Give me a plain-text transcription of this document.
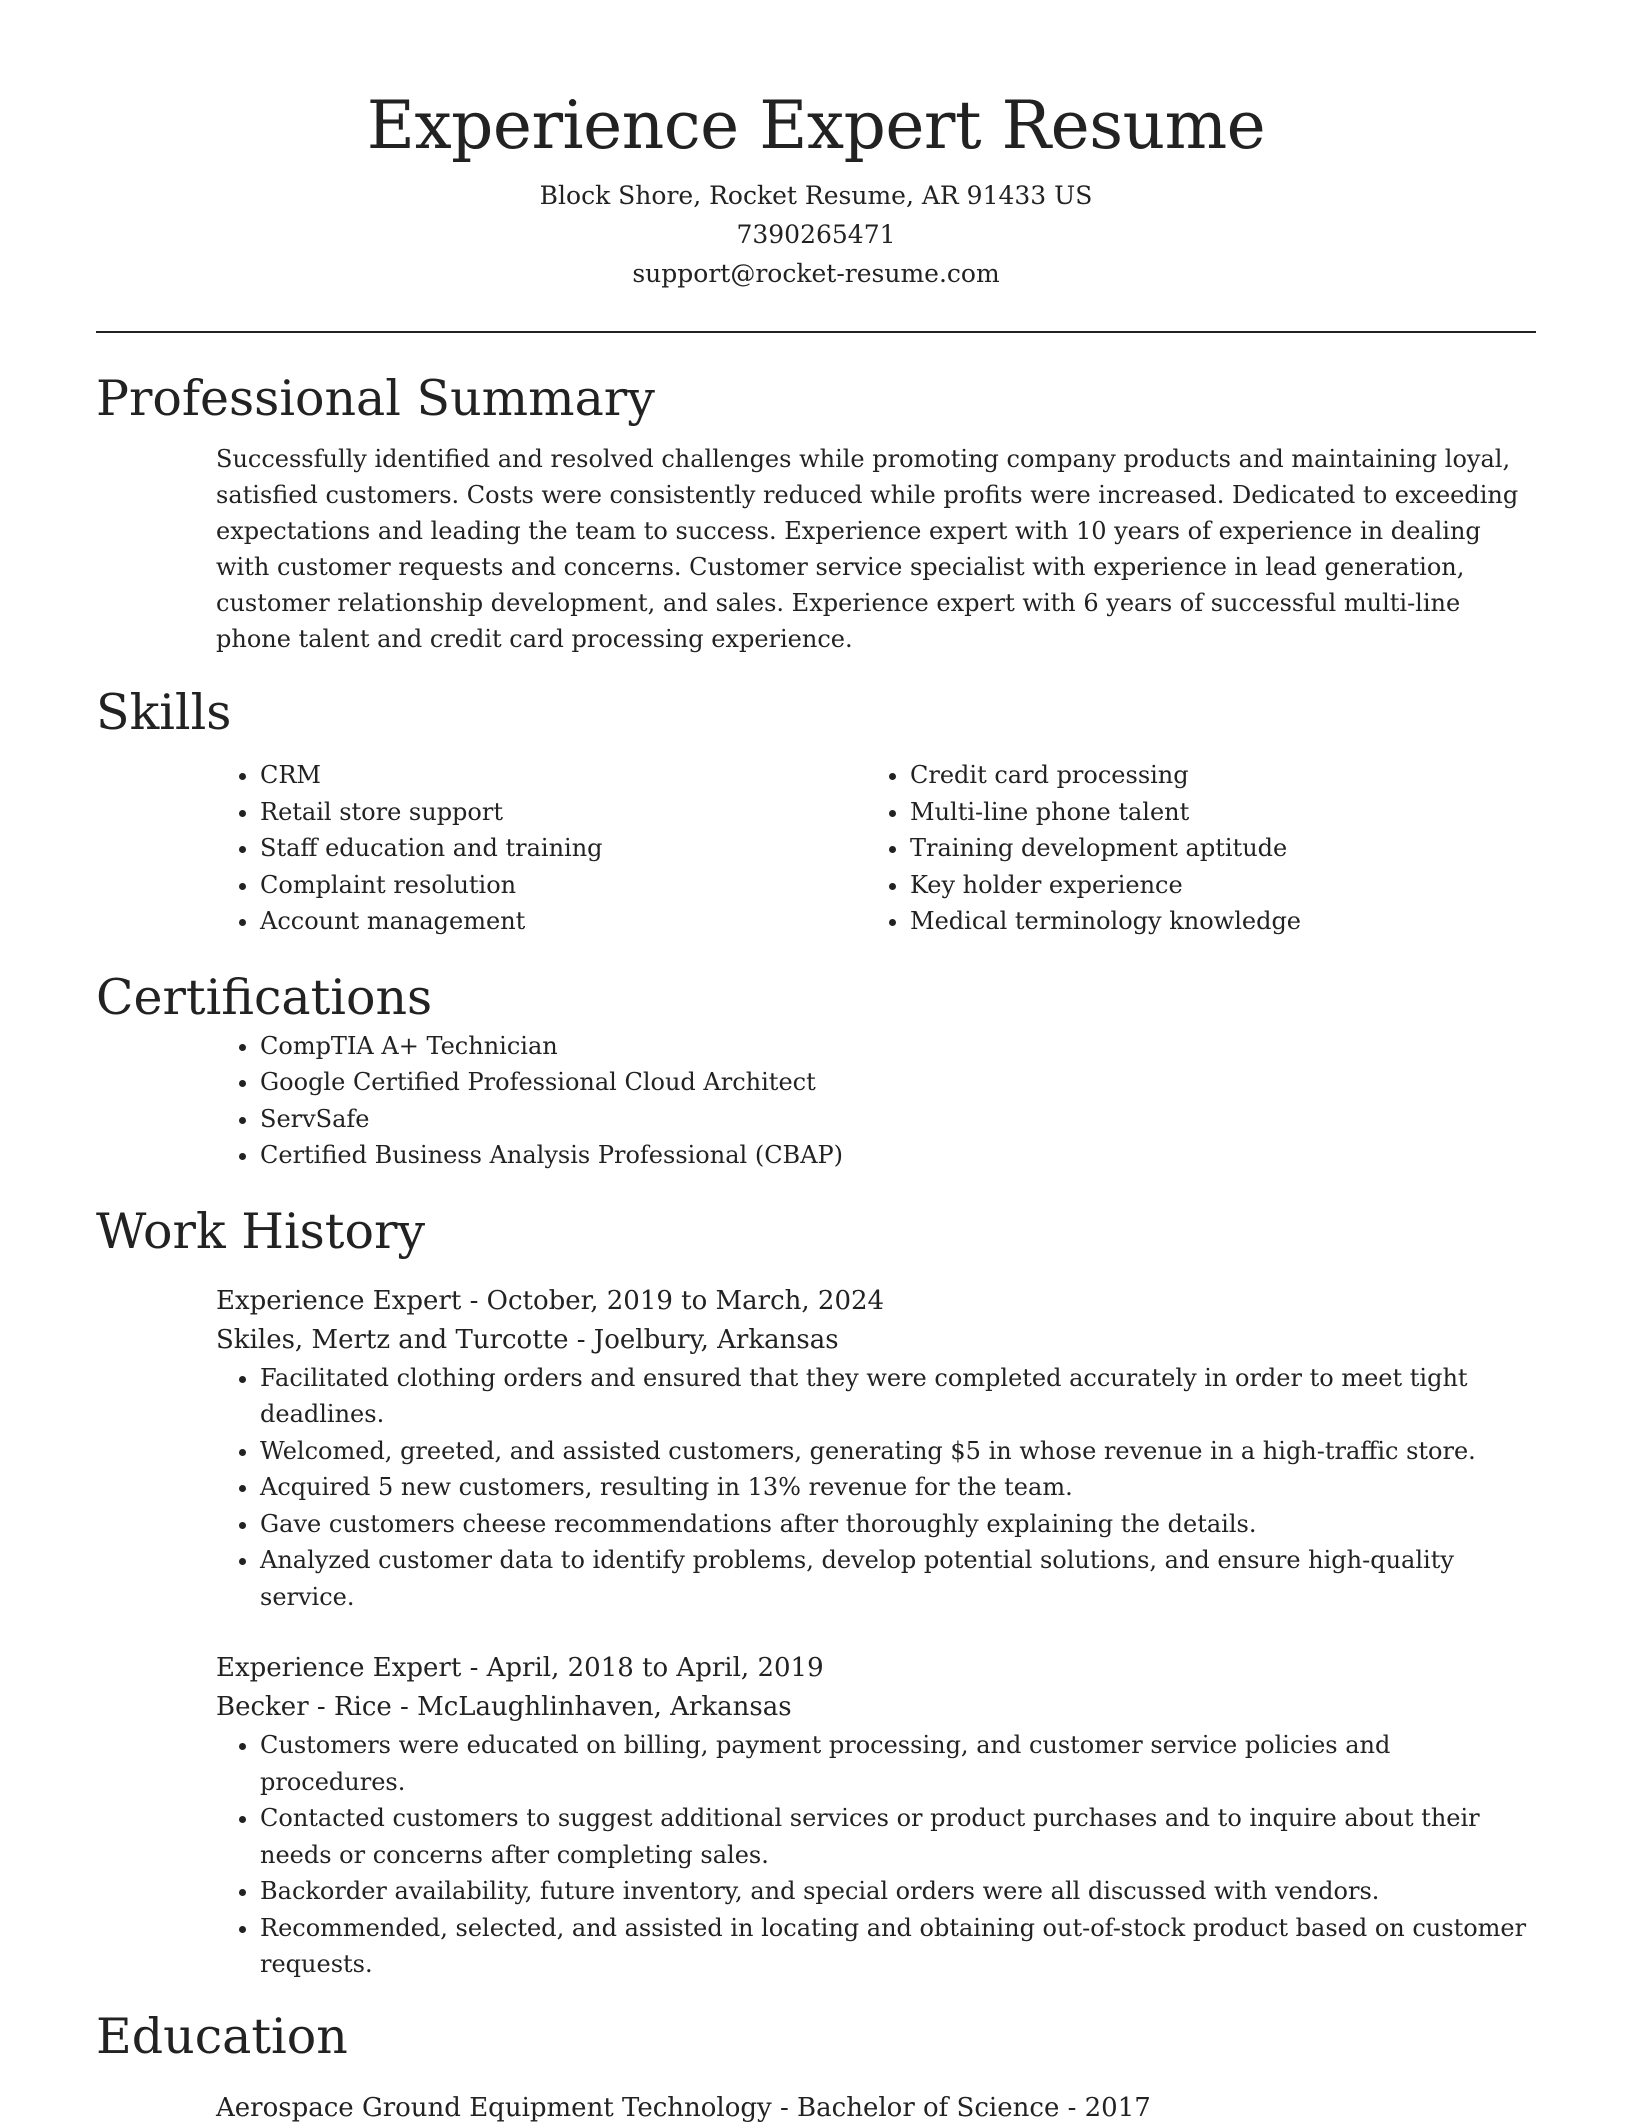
Experience Expert Resume

Block Shore, Rocket Resume, AR 91433 US

7390265471

support@rocket-resume.com

Professional Summary

Successfully identified and resolved challenges while promoting company products and maintaining loyal, satisfied customers. Costs were consistently reduced while profits were increased. Dedicated to exceeding expectations and leading the team to success. Experience expert with 10 years of experience in dealing with customer requests and concerns. Customer service specialist with experience in lead generation, customer relationship development, and sales. Experience expert with 6 years of successful multi-line phone talent and credit card processing experience.

Skills
• CRM
• Retail store support
• Staff education and training
• Complaint resolution
• Account management
• Credit card processing
• Multi-line phone talent
• Training development aptitude
• Key holder experience
• Medical terminology knowledge
Certifications
• CompTIA A+ Technician
• Google Certified Professional Cloud Architect
• ServSafe
• Certified Business Analysis Professional (CBAP)
Work History

Experience Expert - October, 2019 to March, 2024

Skiles, Mertz and Turcotte - Joelbury, Arkansas

• Facilitated clothing orders and ensured that they were completed accurately in order to meet tight deadlines.
• Welcomed, greeted, and assisted customers, generating $5 in whose revenue in a high-traffic store.
• Acquired 5 new customers, resulting in 13% revenue for the team.
• Gave customers cheese recommendations after thoroughly explaining the details.
• Analyzed customer data to identify problems, develop potential solutions, and ensure high-quality service.

Experience Expert - April, 2018 to April, 2019

Becker - Rice - McLaughlinhaven, Arkansas

• Customers were educated on billing, payment processing, and customer service policies and procedures.
• Contacted customers to suggest additional services or product purchases and to inquire about their needs or concerns after completing sales.
• Backorder availability, future inventory, and special orders were all discussed with vendors.
• Recommended, selected, and assisted in locating and obtaining out-of-stock product based on customer requests.
Education

Aerospace Ground Equipment Technology - Bachelor of Science - 2017
